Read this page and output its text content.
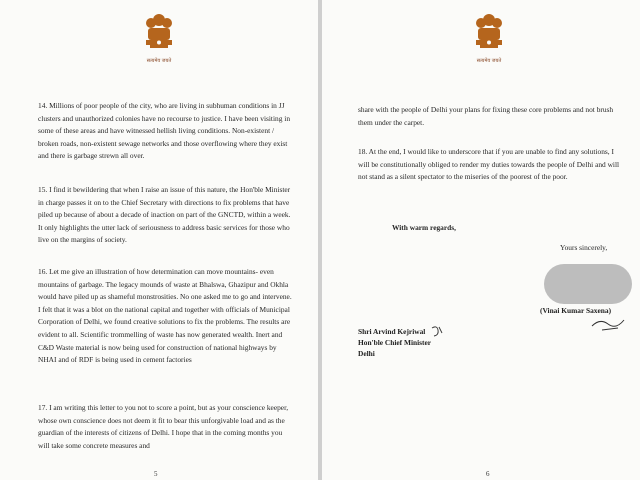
सत्यमेव जयते

14. Millions of poor people of the city, who are living in subhuman conditions in JJ clusters and unauthorized colonies have no recourse to justice. I have been visiting in some of these areas and have witnessed hellish living conditions. Non-existent / broken roads, non-existent sewage networks and those overflowing where they exist and there is garbage strewn all over.

15. I find it bewildering that when I raise an issue of this nature, the Hon'ble Minister in charge passes it on to the Chief Secretary with directions to fix problems that have piled up because of about a decade of inaction on part of the GNCTD, within a week. It only highlights the utter lack of seriousness to address basic services for those who live on the margins of society.

16. Let me give an illustration of how determination can move mountains- even mountains of garbage. The legacy mounds of waste at Bhalswa, Ghazipur and Okhla would have piled up as shameful monstrosities. No one asked me to go and intervene. I felt that it was a blot on the national capital and together with officials of Municipal Corporation of Delhi, we found creative solutions to fix the problems. The results are evident to all. Scientific trommelling of waste has now generated wealth. Inert and C&D Waste material is now being used for construction of national highways by NHAI and of RDF is being used in cement factories

17. I am writing this letter to you not to score a point, but as your conscience keeper, whose own conscience does not deem it fit to bear this unforgivable load and as the guardian of the interests of citizens of Delhi. I hope that in the coming months you will take some concrete measures and

5
सत्यमेव जयते

share with the people of Delhi your plans for fixing these core problems and not brush them under the carpet.

18. At the end, I would like to underscore that if you are unable to find any solutions, I will be constitutionally obliged to render my duties towards the people of Delhi and will not stand as a silent spectator to the miseries of the poorest of the poor.

With warm regards,

Yours sincerely,

(Vinai Kumar Saxena)
Shri Arvind Kejriwal
Hon'ble Chief Minister
Delhi
6
